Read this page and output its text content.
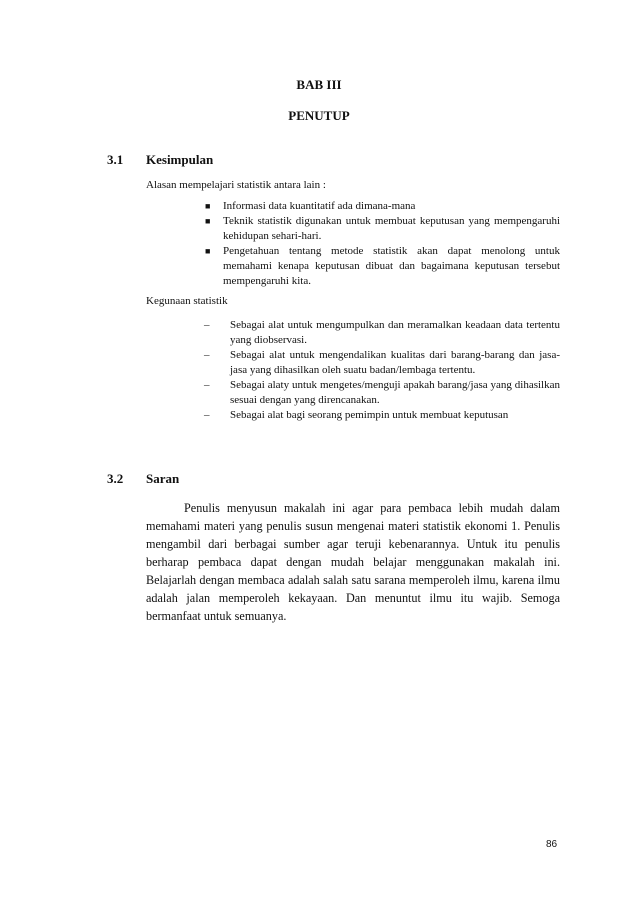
BAB III
PENUTUP
3.1 Kesimpulan
Alasan mempelajari statistik antara lain :
■ Informasi data kuantitatif ada dimana-mana
■ Teknik statistik digunakan untuk membuat keputusan yang mempengaruhi kehidupan sehari-hari.
■ Pengetahuan tentang metode statistik akan dapat menolong untuk memahami kenapa keputusan dibuat dan bagaimana keputusan tersebut mempengaruhi kita.
Kegunaan statistik
– Sebagai alat untuk mengumpulkan dan meramalkan keadaan data tertentu yang diobservasi.
– Sebagai alat untuk mengendalikan kualitas dari barang-barang dan jasa-jasa yang dihasilkan oleh suatu badan/lembaga tertentu.
– Sebagai alaty untuk mengetes/menguji apakah barang/jasa yang dihasilkan sesuai dengan yang direncanakan.
– Sebagai alat bagi seorang pemimpin untuk membuat keputusan
3.2 Saran
Penulis menyusun makalah ini agar para pembaca lebih mudah dalam memahami materi yang penulis susun mengenai materi statistik ekonomi 1. Penulis mengambil dari berbagai sumber agar teruji kebenarannya. Untuk itu penulis berharap pembaca dapat dengan mudah belajar menggunakan makalah ini. Belajarlah dengan membaca adalah salah satu sarana memperoleh ilmu, karena ilmu adalah jalan memperoleh kekayaan. Dan menuntut ilmu itu wajib. Semoga bermanfaat untuk semuanya.
86
